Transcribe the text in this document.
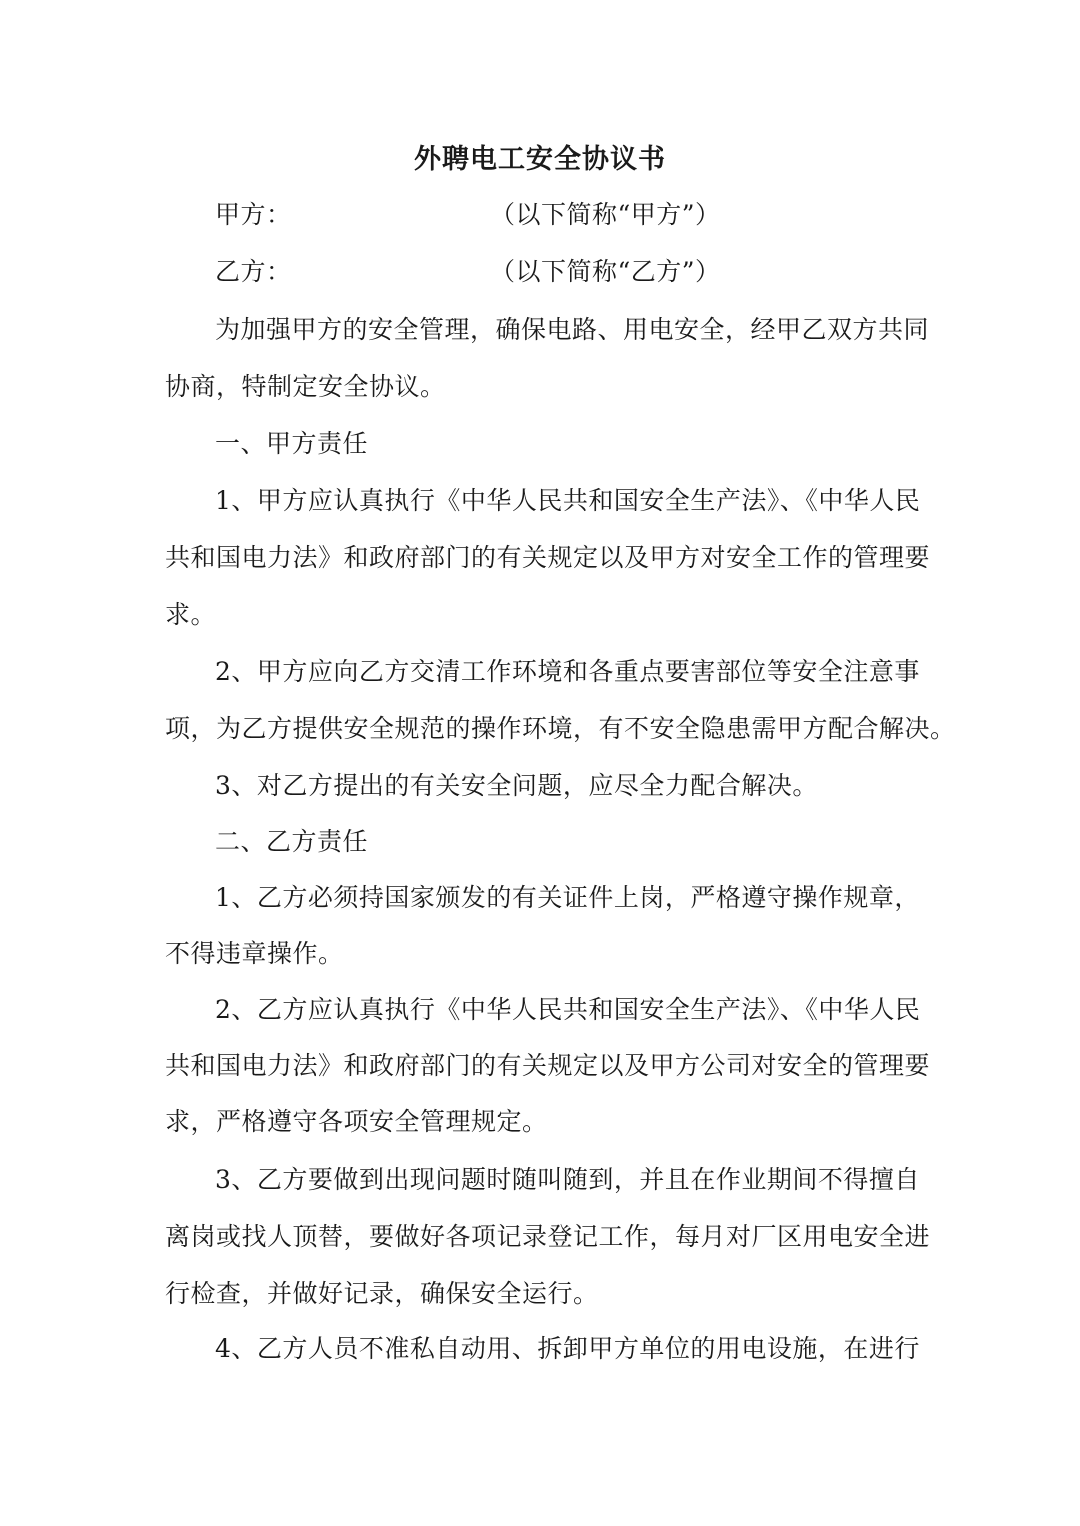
外聘电工安全协议书
甲方：	（以下简称“甲方”）
乙方：	（以下简称“乙方”）
为加强甲方的安全管理，确保电路、用电安全，经甲乙双方共同
协商，特制定安全协议。
一、甲方责任
1、甲方应认真执行《中华人民共和国安全生产法》、《中华人民
共和国电力法》和政府部门的有关规定以及甲方对安全工作的管理要
求。
2、甲方应向乙方交清工作环境和各重点要害部位等安全注意事
项，为乙方提供安全规范的操作环境，有不安全隐患需甲方配合解决。
3、对乙方提出的有关安全问题，应尽全力配合解决。
二、乙方责任
1、乙方必须持国家颁发的有关证件上岗，严格遵守操作规章，
不得违章操作。
2、乙方应认真执行《中华人民共和国安全生产法》、《中华人民
共和国电力法》和政府部门的有关规定以及甲方公司对安全的管理要
求，严格遵守各项安全管理规定。
3、乙方要做到出现问题时随叫随到，并且在作业期间不得擅自
离岗或找人顶替，要做好各项记录登记工作，每月对厂区用电安全进
行检查，并做好记录，确保安全运行。
4、乙方人员不准私自动用、拆卸甲方单位的用电设施，在进行
